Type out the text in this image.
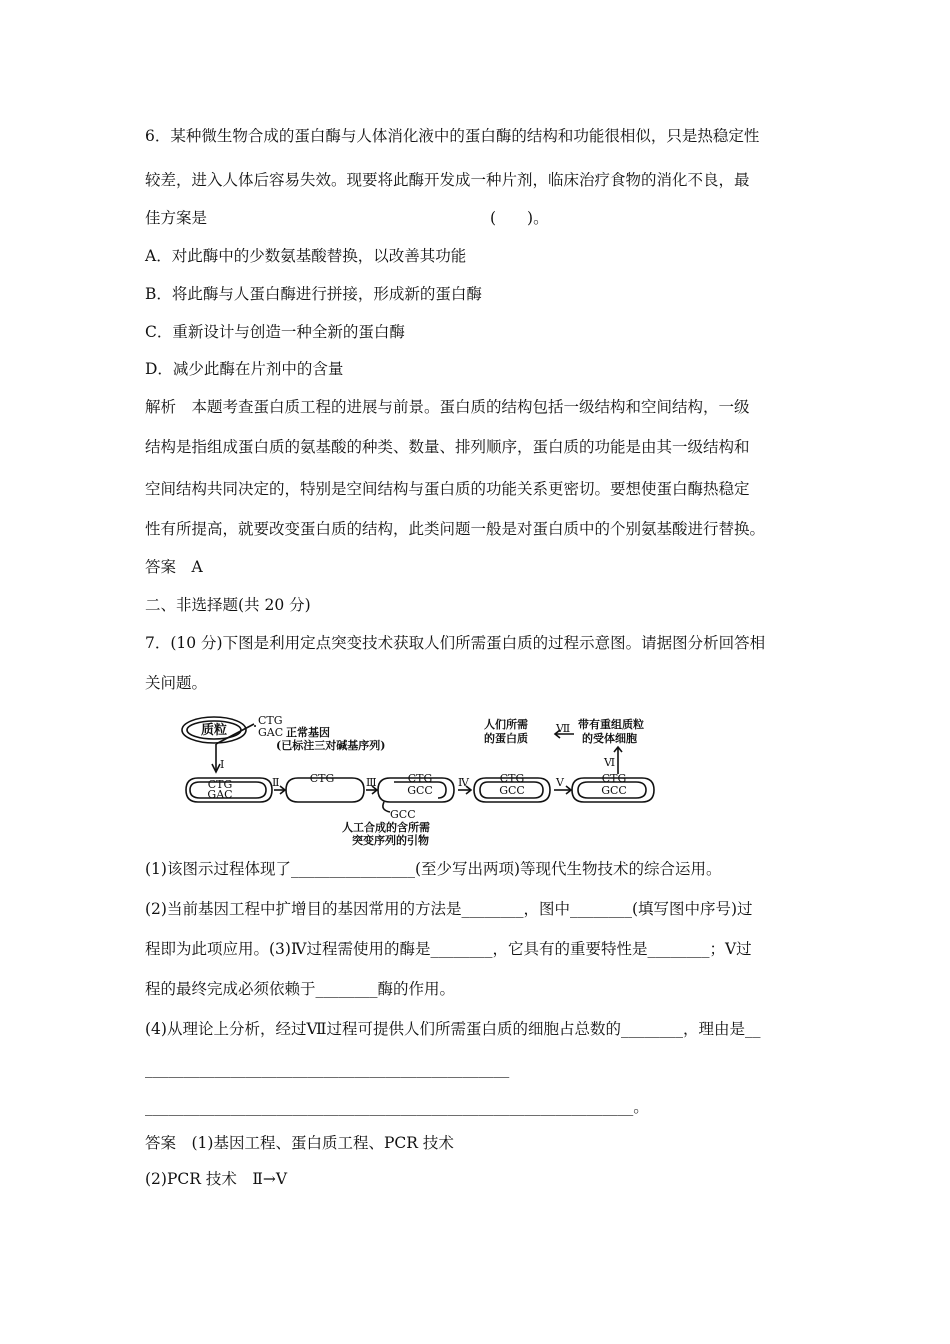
6．某种微生物合成的蛋白酶与人体消化液中的蛋白酶的结构和功能很相似，只是热稳定性
较差，进入人体后容易失效。现要将此酶开发成一种片剂，临床治疗食物的消化不良，最
佳方案是	(　　)。
A．对此酶中的少数氨基酸替换，以改善其功能
B．将此酶与人蛋白酶进行拼接，形成新的蛋白酶
C．重新设计与创造一种全新的蛋白酶
D．减少此酶在片剂中的含量
解析　本题考查蛋白质工程的进展与前景。蛋白质的结构包括一级结构和空间结构，一级
结构是指组成蛋白质的氨基酸的种类、数量、排列顺序，蛋白质的功能是由其一级结构和
空间结构共同决定的，特别是空间结构与蛋白质的功能关系更密切。要想使蛋白酶热稳定
性有所提高，就要改变蛋白质的结构，此类问题一般是对蛋白质中的个别氨基酸进行替换。
答案　A
二、非选择题(共 20 分)
7．(10 分)下图是利用定点突变技术获取人们所需蛋白质的过程示意图。请据图分析回答相
关问题。
质粒
CTG
GAC 正常基因
(已标注三对碱基序列)
Ⅰ
CTG
GAC
Ⅱ	CTG	Ⅲ	CTG
GCC
GCC
人工合成的含所需
突变序列的引物
Ⅳ	CTG
GCC
Ⅴ	CTG
GCC
Ⅵ
Ⅶ
人们所需
的蛋白质
带有重组质粒
的受体细胞
(1)该图示过程体现了________________(至少写出两项)等现代生物技术的综合运用。
(2)当前基因工程中扩增目的基因常用的方法是________，图中________(填写图中序号)过
程即为此项应用。(3)Ⅳ过程需使用的酶是________，它具有的重要特性是________；Ⅴ过
程的最终完成必须依赖于________酶的作用。
(4)从理论上分析，经过Ⅶ过程可提供人们所需蛋白质的细胞占总数的________，理由是__
_______________________________________________
_______________________________________________________________。
答案　(1)基因工程、蛋白质工程、PCR 技术
(2)PCR 技术　Ⅱ→Ⅴ
